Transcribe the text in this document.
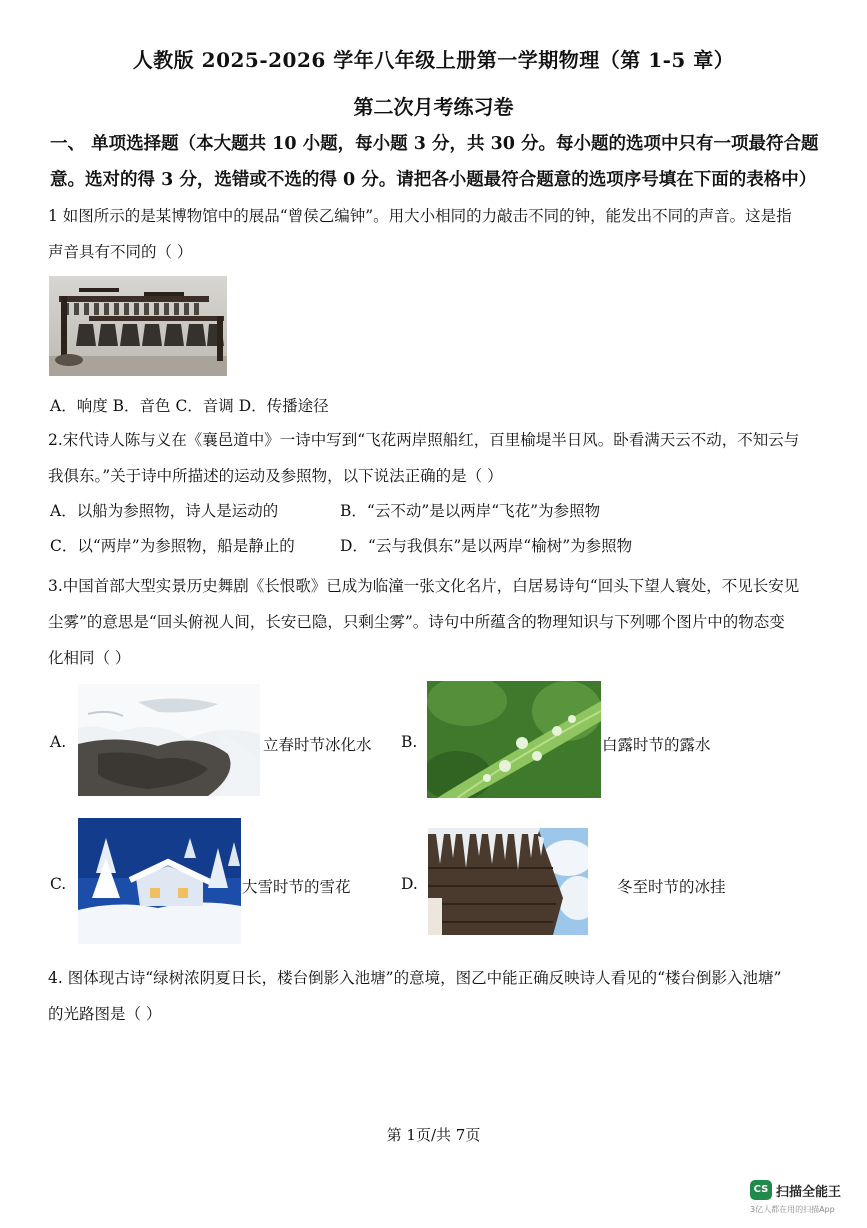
人教版 2025-2026 学年八年级上册第一学期物理（第 1-5 章）
第二次月考练习卷
一、 单项选择题（本大题共 10 小题，每小题 3 分，共 30 分。每小题的选项中只有一项最符合题
意。选对的得 3 分，选错或不选的得 0 分。请把各小题最符合题意的选项序号填在下面的表格中）
1 如图所示的是某博物馆中的展品“曾侯乙编钟”。用大小相同的力敲击不同的钟，能发出不同的声音。这是指
声音具有不同的（ ）
A．响度 B．音色 C．音调 D．传播途径
2.宋代诗人陈与义在《襄邑道中》一诗中写到“飞花两岸照船红，百里榆堤半日风。卧看满天云不动，不知云与
我俱东。”关于诗中所描述的运动及参照物，以下说法正确的是（ ）
A．以船为参照物，诗人是运动的	B．“云不动”是以两岸“飞花”为参照物
C．以“两岸”为参照物，船是静止的	D．“云与我俱东”是以两岸“榆树”为参照物
3.中国首部大型实景历史舞剧《长恨歌》已成为临潼一张文化名片，白居易诗句“回头下望人寰处，不见长安见
尘雾”的意思是“回头俯视人间，长安已隐，只剩尘雾”。诗句中所蕴含的物理知识与下列哪个图片中的物态变
化相同（ ）
A.	立春时节冰化水 B.	白露时节的露水
C.	大雪时节的雪花	D.	冬至时节的冰挂
4. 图体现古诗“绿树浓阴夏日长，楼台倒影入池塘”的意境，图乙中能正确反映诗人看见的“楼台倒影入池塘”
的光路图是（ ）
第 1页/共 7页
CS 扫描全能王
3亿人都在用的扫描App
